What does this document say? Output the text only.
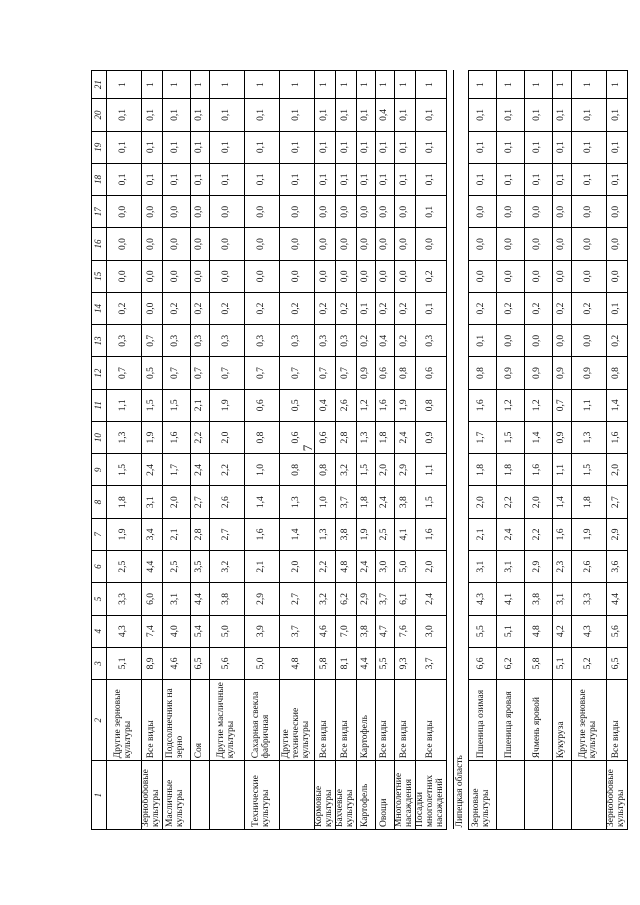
7
1	2	3	4	5	6	7	8	9	10	11	12	13	14	15	16	17	18	19	20	21
	Другие зерновые культуры	5,1	4,3	3,3	2,5	1,9	1,8	1,5	1,3	1,1	0,7	0,3	0,2	0,0	0,0	0,0	0,1	0,1	0,1	1
Зернобобовые культуры	Все виды	8,9	7,4	6,0	4,4	3,4	3,1	2,4	1,9	1,5	0,5	0,7	0,0	0,0	0,0	0,0	0,1	0,1	0,1	1
Масличные культуры	Подсолнечник на зерно	4,6	4,0	3,1	2,5	2,1	2,0	1,7	1,6	1,5	0,7	0,3	0,2	0,0	0,0	0,0	0,1	0,1	0,1	1
	Соя	6,5	5,4	4,4	3,5	2,8	2,7	2,4	2,2	2,1	0,7	0,3	0,2	0,0	0,0	0,0	0,1	0,1	0,1	1
	Другие масличные культуры	5,6	5,0	3,8	3,2	2,7	2,6	2,2	2,0	1,9	0,7	0,3	0,2	0,0	0,0	0,0	0,1	0,1	0,1	1
Технические культуры	Сахарная свекла фабричная	5,0	3,9	2,9	2,1	1,6	1,4	1,0	0,8	0,6	0,7	0,3	0,2	0,0	0,0	0,0	0,1	0,1	0,1	1
	Другие технические культуры	4,8	3,7	2,7	2,0	1,4	1,3	0,8	0,6	0,5	0,7	0,3	0,2	0,0	0,0	0,0	0,1	0,1	0,1	1
Кормовые культуры	Все виды	5,8	4,6	3,2	2,2	1,3	1,0	0,8	0,6	0,4	0,7	0,3	0,2	0,0	0,0	0,0	0,1	0,1	0,1	1
Бахчевые культуры	Все виды	8,1	7,0	6,2	4,8	3,8	3,7	3,2	2,8	2,6	0,7	0,3	0,2	0,0	0,0	0,0	0,1	0,1	0,1	1
Картофель	Картофель	4,4	3,8	2,9	2,4	1,9	1,8	1,5	1,3	1,2	0,9	0,2	0,1	0,0	0,0	0,0	0,1	0,1	0,1	1
Овощи	Все виды	5,5	4,7	3,7	3,0	2,5	2,4	2,0	1,8	1,6	0,6	0,4	0,2	0,0	0,0	0,0	0,1	0,1	0,4	1
Многолетние насаждения	Все виды	9,3	7,6	6,1	5,0	4,1	3,8	2,9	2,4	1,9	0,8	0,2	0,2	0,0	0,0	0,0	0,1	0,1	0,1	1
Посадки многолетних насаждений	Все виды	3,7	3,0	2,4	2,0	1,6	1,5	1,1	0,9	0,8	0,6	0,3	0,1	0,2	0,0	0,1	0,1	0,1	0,1	1

Липецкая область																				
Зерновые культуры	Пшеница озимая	6,6	5,5	4,3	3,1	2,1	2,0	1,8	1,7	1,6	0,8	0,1	0,2	0,0	0,0	0,0	0,1	0,1	0,1	1
	Пшеница яровая	6,2	5,1	4,1	3,1	2,4	2,2	1,8	1,5	1,2	0,9	0,0	0,2	0,0	0,0	0,0	0,1	0,1	0,1	1
	Ячмень яровой	5,8	4,8	3,8	2,9	2,2	2,0	1,6	1,4	1,2	0,9	0,0	0,2	0,0	0,0	0,0	0,1	0,1	0,1	1
	Кукуруза	5,1	4,2	3,1	2,3	1,6	1,4	1,1	0,9	0,7	0,9	0,0	0,2	0,0	0,0	0,0	0,1	0,1	0,1	1
	Другие зерновые культуры	5,2	4,3	3,3	2,6	1,9	1,8	1,5	1,3	1,1	0,9	0,0	0,2	0,0	0,0	0,0	0,1	0,1	0,1	1
Зернобобовые культуры	Все виды	6,5	5,6	4,4	3,6	2,9	2,7	2,0	1,6	1,4	0,8	0,2	0,1	0,0	0,0	0,0	0,1	0,1	0,1	1
